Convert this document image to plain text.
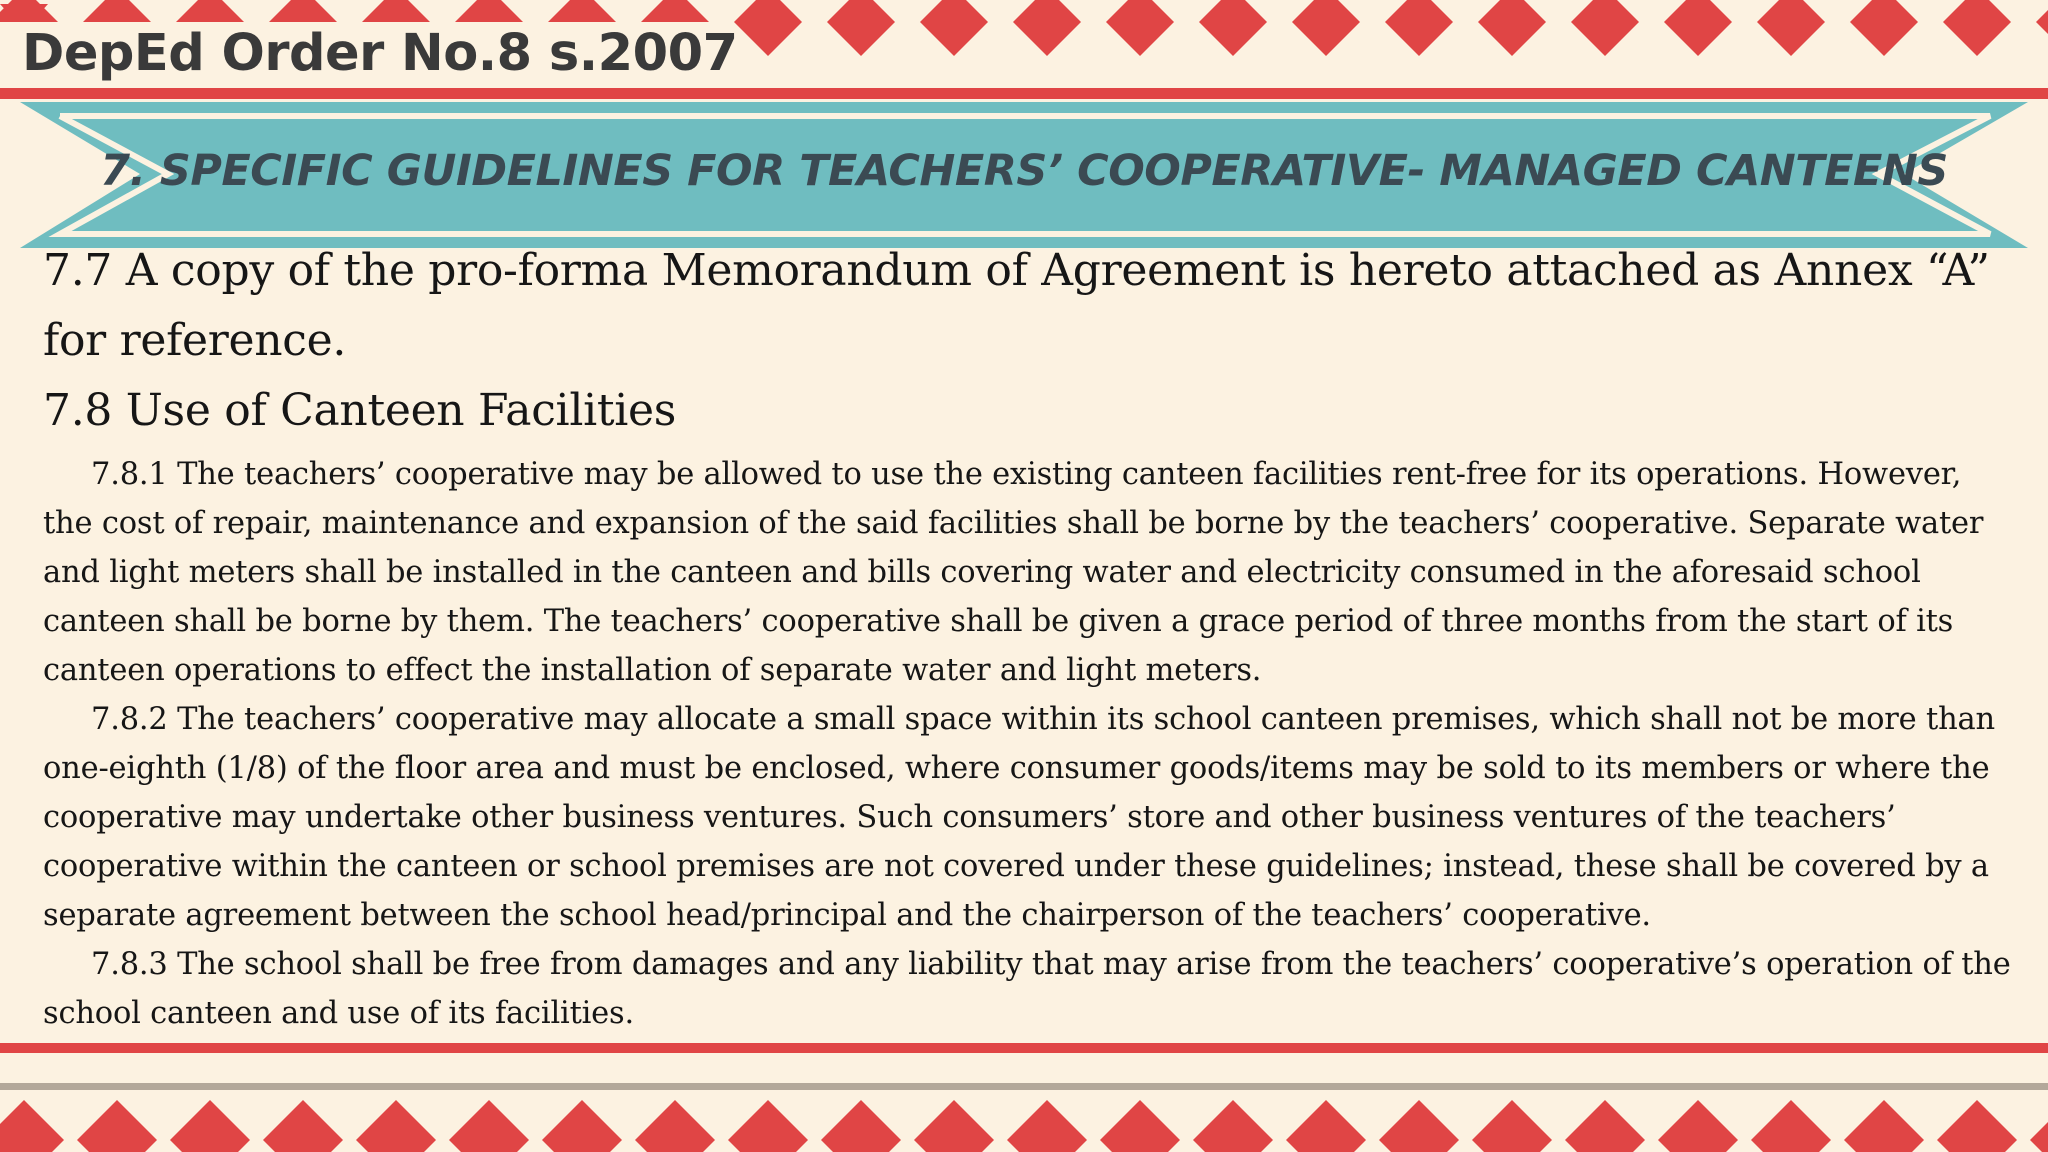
DepEd Order No.8 s.2007
7. SPECIFIC GUIDELINES FOR TEACHERS’ COOPERATIVE- MANAGED CANTEENS

7.7 A copy of the pro-forma Memorandum of Agreement is hereto attached as Annex “A” for reference.

7.8 Use of Canteen Facilities

7.8.1 The teachers’ cooperative may be allowed to use the existing canteen facilities rent-free for its operations. However, the cost of repair, maintenance and expansion of the said facilities shall be borne by the teachers’ cooperative. Separate water and light meters shall be installed in the canteen and bills covering water and electricity consumed in the aforesaid school canteen shall be borne by them. The teachers’ cooperative shall be given a grace period of three months from the start of its canteen operations to effect the installation of separate water and light meters.

7.8.2 The teachers’ cooperative may allocate a small space within its school canteen premises, which shall not be more than one-eighth (1/8) of the floor area and must be enclosed, where consumer goods/items may be sold to its members or where the cooperative may undertake other business ventures. Such consumers’ store and other business ventures of the teachers’ cooperative within the canteen or school premises are not covered under these guidelines; instead, these shall be covered by a separate agreement between the school head/principal and the chairperson of the teachers’ cooperative.

7.8.3 The school shall be free from damages and any liability that may arise from the teachers’ cooperative’s operation of the school canteen and use of its facilities.
